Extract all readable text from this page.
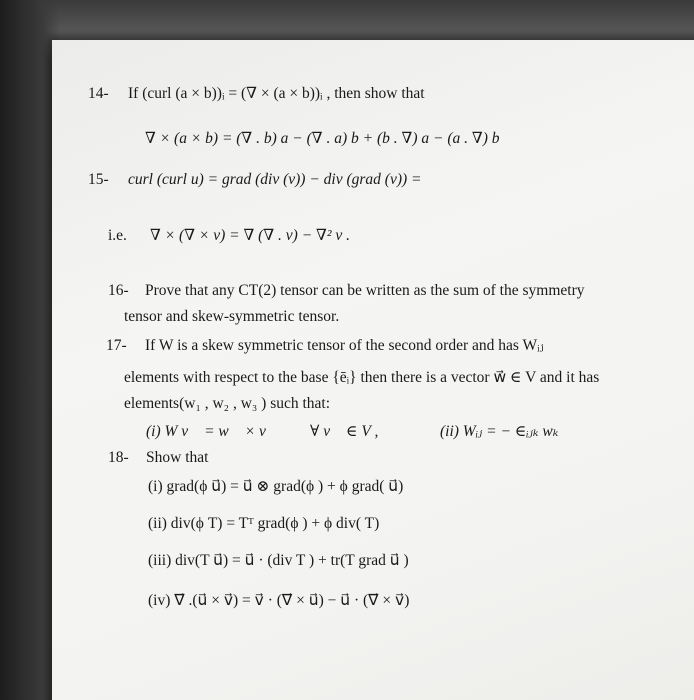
14- If (curl (a × b))ᵢ = (∇ × (a × b))ᵢ , then show that
∇ × (a × b) = (∇ . b) a − (∇ . a) b + (b . ∇) a − (a . ∇) b
15- curl (curl u) = grad (div (v)) − div (grad (v)) =
i.e. ∇ × (∇ × v) = ∇ (∇ . v) − ∇² v .
16- Prove that any CT(2) tensor can be written as the sum of the symmetry
tensor and skew-symmetric tensor.
17- If W is a skew symmetric tensor of the second order and has Wᵢⱼ
elements with respect to the base {ēᵢ} then there is a vector w⃗ ∈ V and it has
elements(w₁ , w₂ , w₃ ) such that:
(i) W v⃗ = w⃗ × v⃗ ∀ v⃗ ∈ V ,	(ii) Wᵢⱼ = − ∈ᵢⱼₖ wₖ
18- Show that
(i) grad(ϕ u⃗) = u⃗ ⊗ grad(ϕ ) + ϕ grad( u⃗)
(ii) div(ϕ T) = Tᵀ grad(ϕ ) + ϕ div( T)
(iii) div(T u⃗) = u⃗ · (div T ) + tr(T grad u⃗ )
(iv) ∇⃗ .(u⃗ × v⃗) = v⃗ · (∇⃗ × u⃗) − u⃗ · (∇⃗ × v⃗)
